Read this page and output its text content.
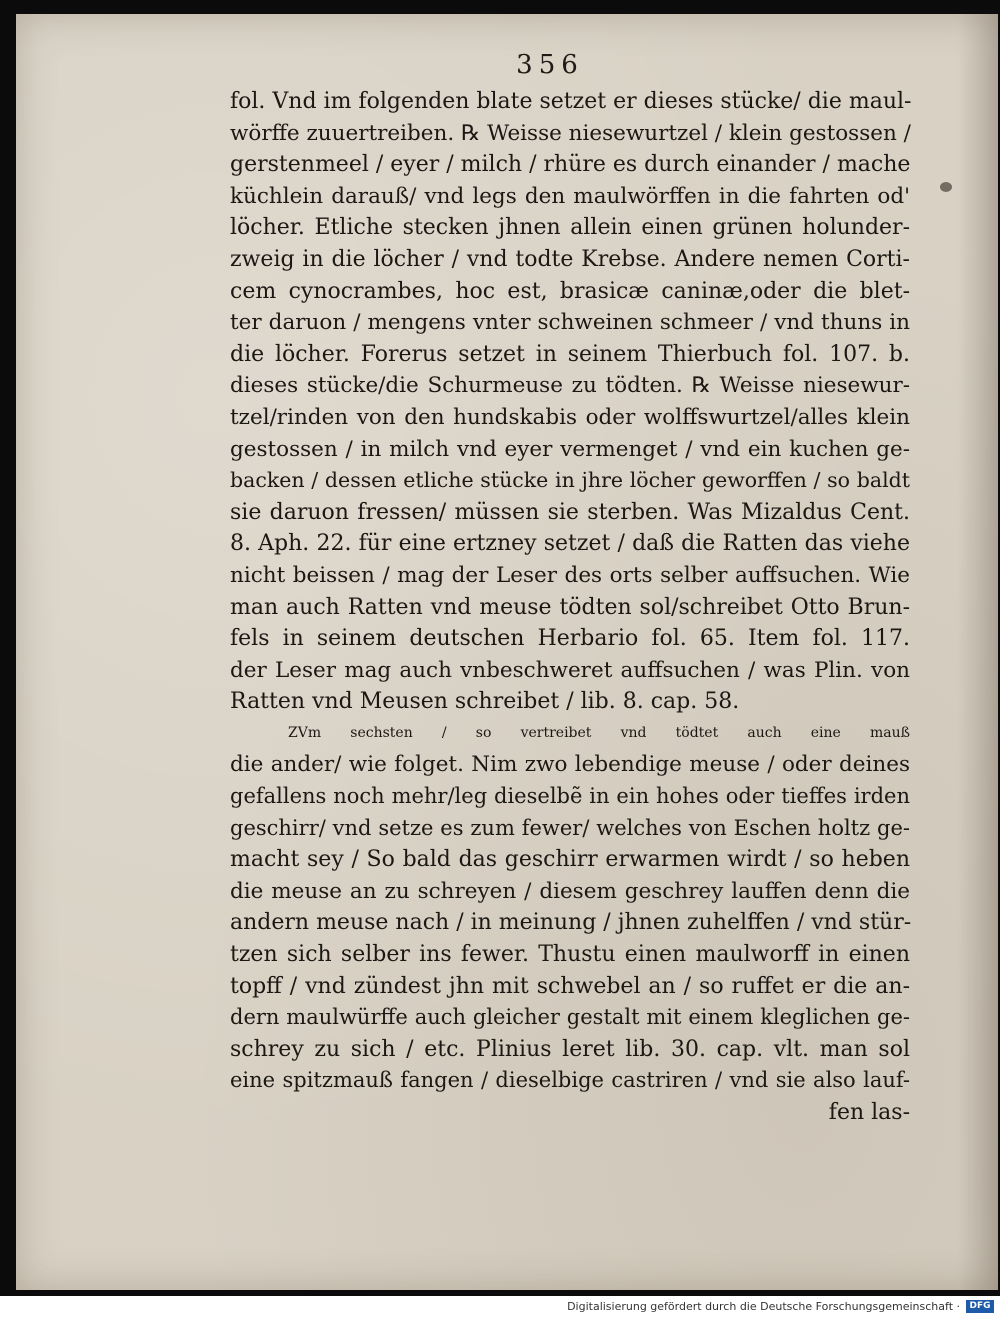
356
fol. Vnd im folgenden blate setzet er dieses stücke/ die maul-
wörffe zuuertreiben. ℞ Weisse niesewurtzel / klein gestossen /
gerstenmeel / eyer / milch / rhüre es durch einander / mache
küchlein darauß/ vnd legs den maulwörffen in die fahrten od'
löcher. Etliche stecken jhnen allein einen grünen holunder-
zweig in die löcher / vnd todte Krebse. Andere nemen Corti-
cem cynocrambes, hoc est, brasicæ caninæ,oder die blet-
ter daruon / mengens vnter schweinen schmeer / vnd thuns in
die löcher. Forerus setzet in seinem Thierbuch fol. 107. b.
dieses stücke/die Schurmeuse zu tödten. ℞ Weisse niesewur-
tzel/rinden von den hundskabis oder wolffswurtzel/alles klein
gestossen / in milch vnd eyer vermenget / vnd ein kuchen ge-
backen / dessen etliche stücke in jhre löcher geworffen / so baldt
sie daruon fressen/ müssen sie sterben. Was Mizaldus Cent.
8. Aph. 22. für eine ertzney setzet / daß die Ratten das viehe
nicht beissen / mag der Leser des orts selber auffsuchen. Wie
man auch Ratten vnd meuse tödten sol/schreibet Otto Brun-
fels in seinem deutschen Herbario fol. 65. Item fol. 117.
der Leser mag auch vnbeschweret auffsuchen / was Plin. von
Ratten vnd Meusen schreibet / lib. 8. cap. 58.
ZVm sechsten / so vertreibet vnd tödtet auch eine mauß
die ander/ wie folget. Nim zwo lebendige meuse / oder deines
gefallens noch mehr/leg dieselbẽ in ein hohes oder tieffes irden
geschirr/ vnd setze es zum fewer/ welches von Eschen holtz ge-
macht sey / So bald das geschirr erwarmen wirdt / so heben
die meuse an zu schreyen / diesem geschrey lauffen denn die
andern meuse nach / in meinung / jhnen zuhelffen / vnd stür-
tzen sich selber ins fewer. Thustu einen maulworff in einen
topff / vnd zündest jhn mit schwebel an / so ruffet er die an-
dern maulwürffe auch gleicher gestalt mit einem kleglichen ge-
schrey zu sich / etc. Plinius leret lib. 30. cap. vlt. man sol
eine spitzmauß fangen / dieselbige castriren / vnd sie also lauf-
fen las-
Digitalisierung gefördert durch die Deutsche Forschungsgemeinschaft ·	DFG
